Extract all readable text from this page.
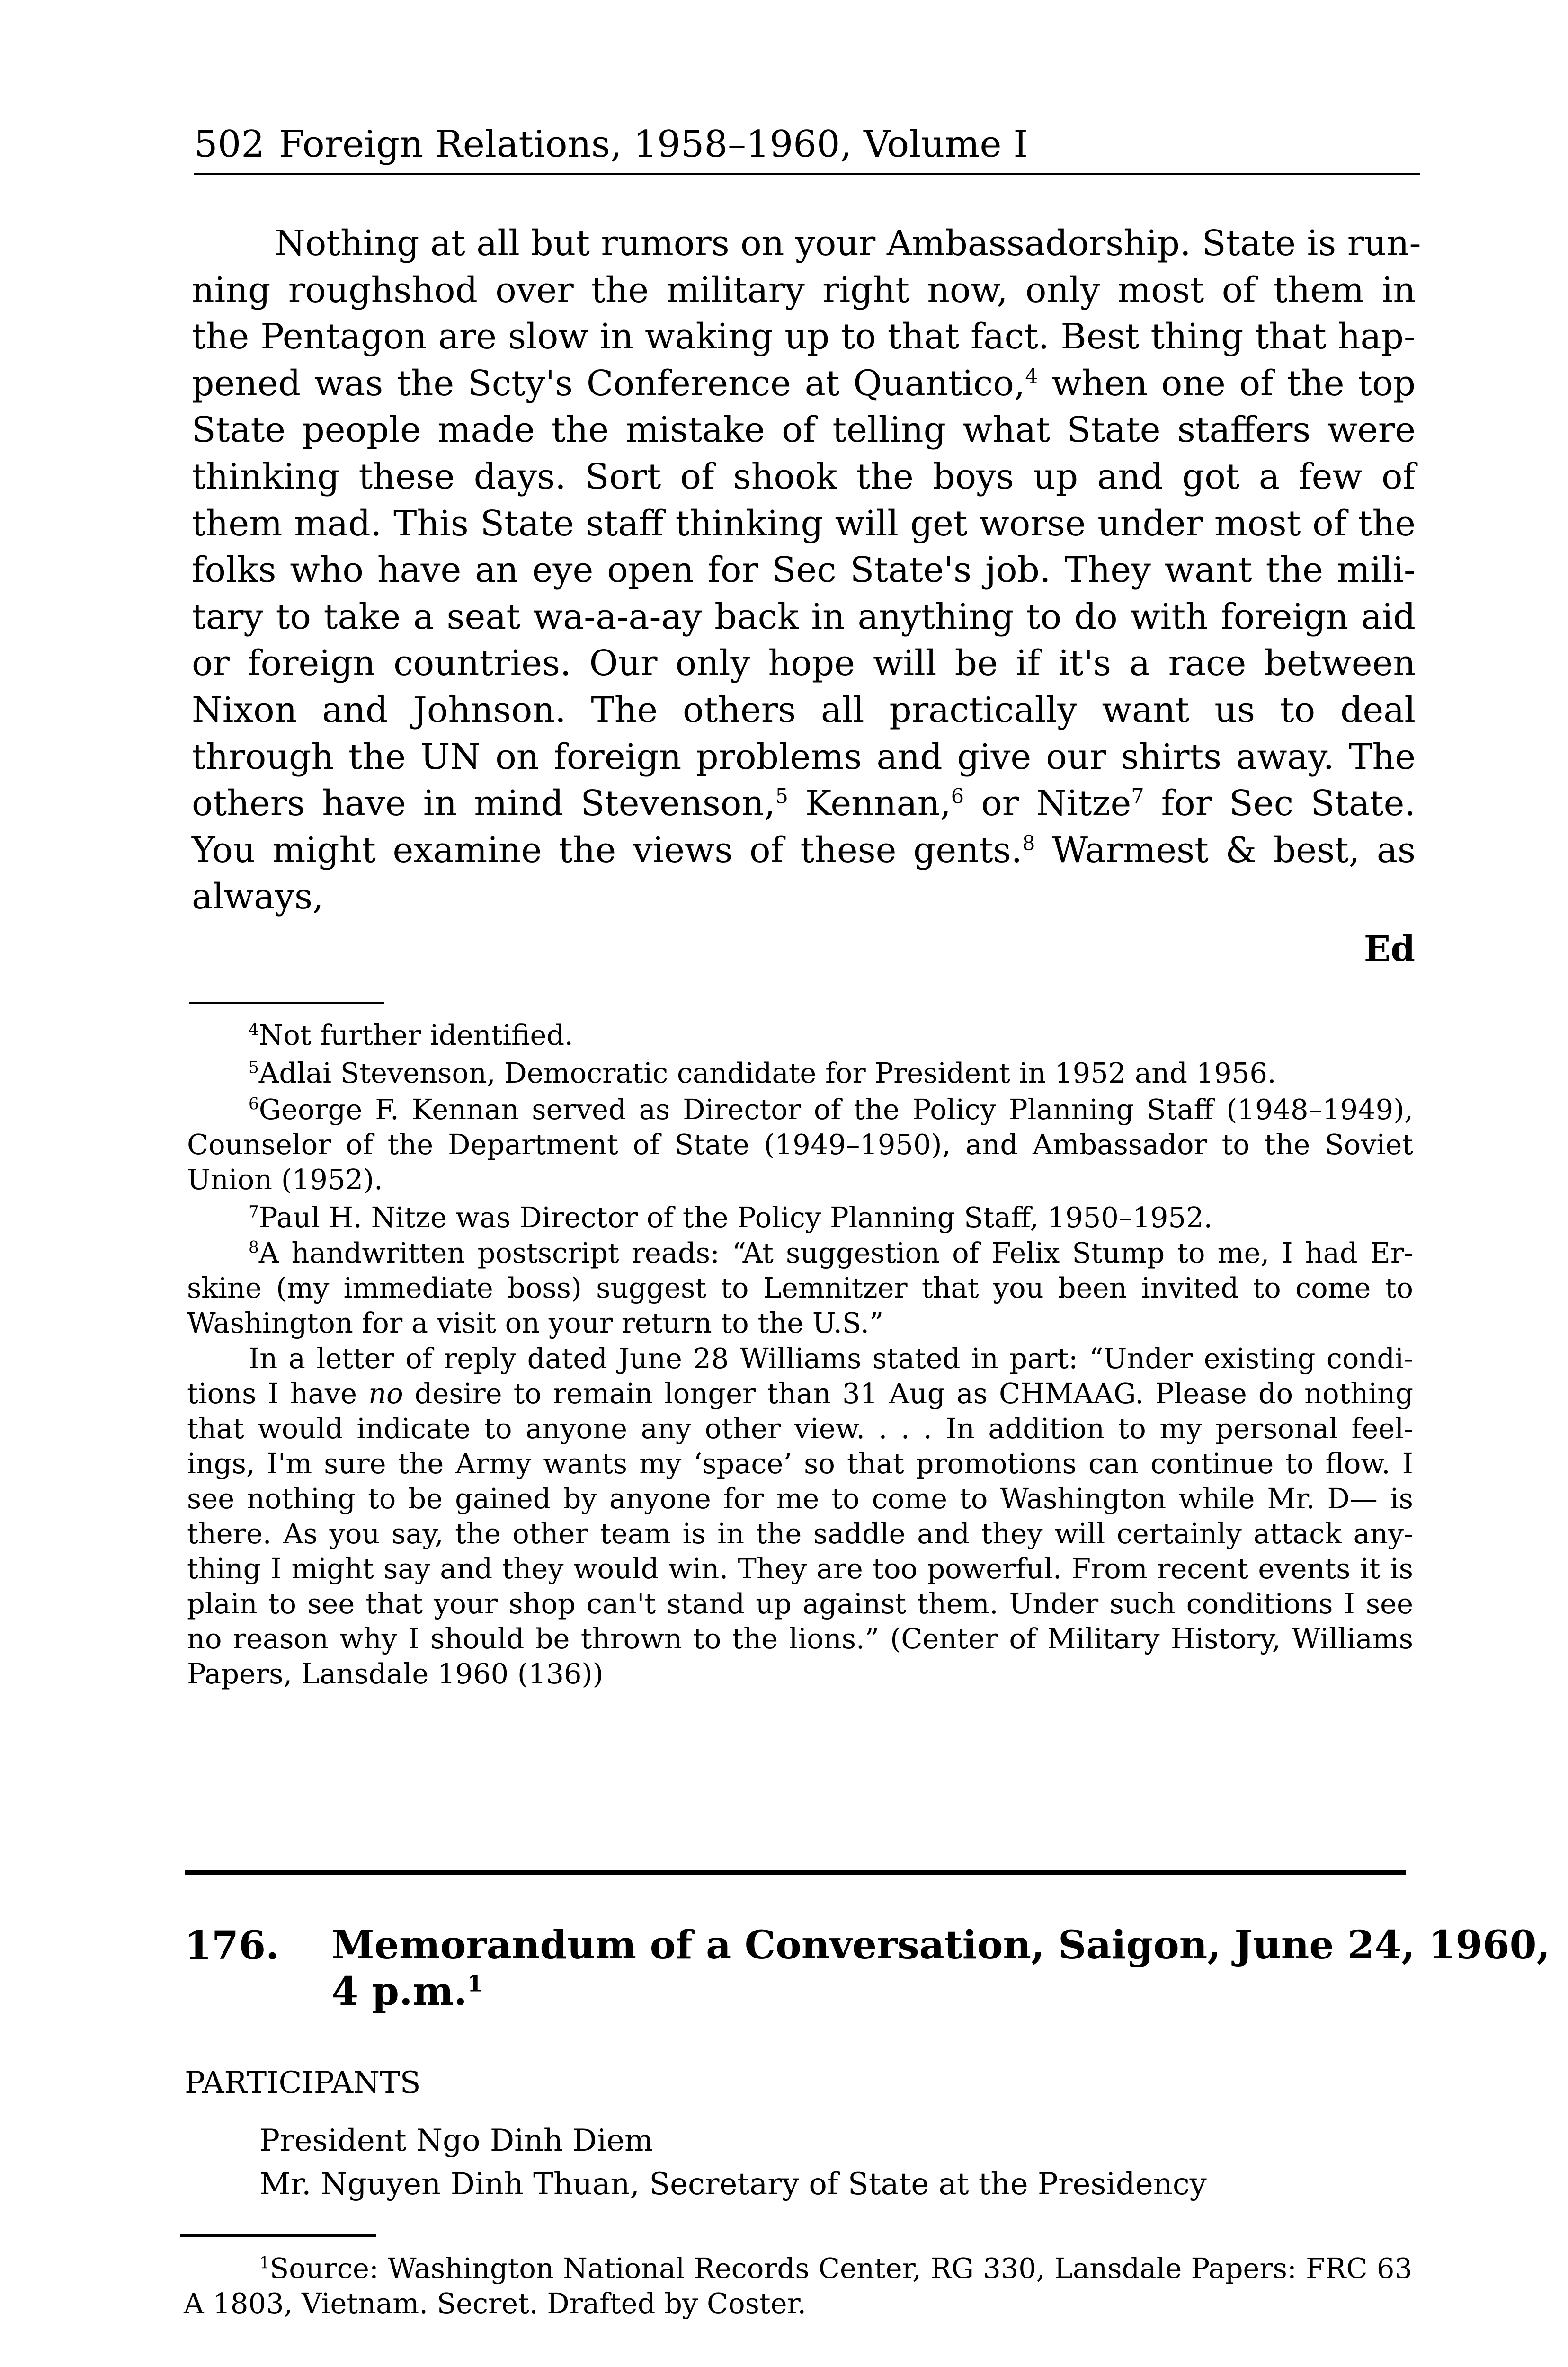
502 Foreign Relations, 1958–1960, Volume I
Nothing at all but rumors on your Ambassadorship. State is run-
ning roughshod over the military right now, only most of them in
the Pentagon are slow in waking up to that fact. Best thing that hap-
pened was the Scty's Conference at Quantico,$^4$ when one of the top
State people made the mistake of telling what State staffers were
thinking these days. Sort of shook the boys up and got a few of
them mad. This State staff thinking will get worse under most of the
folks who have an eye open for Sec State's job. They want the mili-
tary to take a seat wa-a-a-ay back in anything to do with foreign aid
or foreign countries. Our only hope will be if it's a race between
Nixon and Johnson. The others all practically want us to deal
through the UN on foreign problems and give our shirts away. The
others have in mind Stevenson,$^5$ Kennan,$^6$ or Nitze$^7$ for Sec State.
You might examine the views of these gents.$^8$ Warmest & best, as
always,
Ed
$^4$Not further identified.
$^5$Adlai Stevenson, Democratic candidate for President in 1952 and 1956.
$^6$George F. Kennan served as Director of the Policy Planning Staff (1948–1949),
Counselor of the Department of State (1949–1950), and Ambassador to the Soviet
Union (1952).
$^7$Paul H. Nitze was Director of the Policy Planning Staff, 1950–1952.
$^8$A handwritten postscript reads: “At suggestion of Felix Stump to me, I had Er-
skine (my immediate boss) suggest to Lemnitzer that you been invited to come to
Washington for a visit on your return to the U.S.”
In a letter of reply dated June 28 Williams stated in part: “Under existing condi-
tions I have no desire to remain longer than 31 Aug as CHMAAG. Please do nothing
that would indicate to anyone any other view. . . . In addition to my personal feel-
ings, I'm sure the Army wants my ‘space’ so that promotions can continue to flow. I
see nothing to be gained by anyone for me to come to Washington while Mr. D— is
there. As you say, the other team is in the saddle and they will certainly attack any-
thing I might say and they would win. They are too powerful. From recent events it is
plain to see that your shop can't stand up against them. Under such conditions I see
no reason why I should be thrown to the lions.” (Center of Military History, Williams
Papers, Lansdale 1960 (136))
176. Memorandum of a Conversation, Saigon, June 24, 1960,
4 p.m.$^1$
PARTICIPANTS
President Ngo Dinh Diem
Mr. Nguyen Dinh Thuan, Secretary of State at the Presidency
$^1$Source: Washington National Records Center, RG 330, Lansdale Papers: FRC 63
A 1803, Vietnam. Secret. Drafted by Coster.
